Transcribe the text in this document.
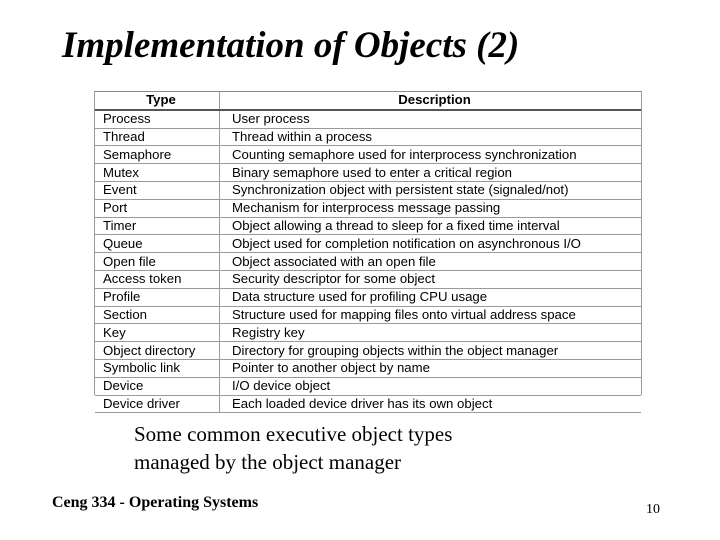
Implementation of Objects (2)
Type	Description
Process	User process
Thread	Thread within a process
Semaphore	Counting semaphore used for interprocess synchronization
Mutex	Binary semaphore used to enter a critical region
Event	Synchronization object with persistent state (signaled/not)
Port	Mechanism for interprocess message passing
Timer	Object allowing a thread to sleep for a fixed time interval
Queue	Object used for completion notification on asynchronous I/O
Open file	Object associated with an open file
Access token	Security descriptor for some object
Profile	Data structure used for profiling CPU usage
Section	Structure used for mapping files onto virtual address space
Key	Registry key
Object directory	Directory for grouping objects within the object manager
Symbolic link	Pointer to another object by name
Device	I/O device object
Device driver	Each loaded device driver has its own object
Some common executive object types
managed by the object manager
Ceng 334 - Operating Systems	10
